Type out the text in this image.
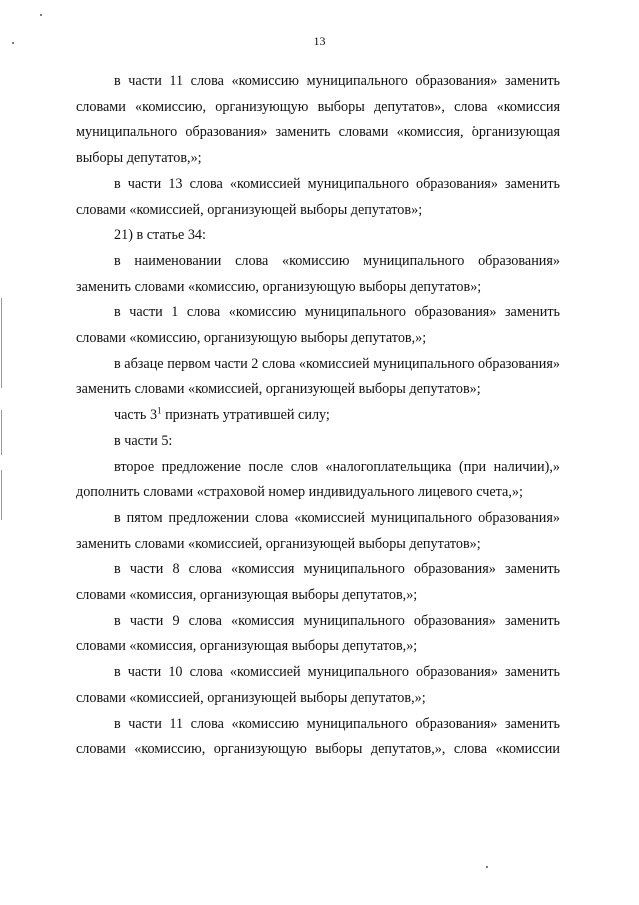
13

в части 11 слова «комиссию муниципального образования» заменить словами «комиссию, организующую выборы депутатов», слова «комиссия муниципального образования» заменить словами «комиссия, организующая выборы депутатов,»;

в части 13 слова «комиссией муниципального образования» заменить словами «комиссией, организующей выборы депутатов»;

21) в статье 34:

в наименовании слова «комиссию муниципального образования» заменить словами «комиссию, организующую выборы депутатов»;

в части 1 слова «комиссию муниципального образования» заменить словами «комиссию, организующую выборы депутатов,»;

в абзаце первом части 2 слова «комиссией муниципального образования» заменить словами «комиссией, организующей выборы депутатов»;

часть $3^1$ признать утратившей силу;

в части 5:

второе предложение после слов «налогоплательщика (при наличии),» дополнить словами «страховой номер индивидуального лицевого счета,»;

в пятом предложении слова «комиссией муниципального образования» заменить словами «комиссией, организующей выборы депутатов»;

в части 8 слова «комиссия муниципального образования» заменить словами «комиссия, организующая выборы депутатов,»;

в части 9 слова «комиссия муниципального образования» заменить словами «комиссия, организующая выборы депутатов,»;

в части 10 слова «комиссией муниципального образования» заменить словами «комиссией, организующей выборы депутатов,»;

в части 11 слова «комиссию муниципального образования» заменить словами «комиссию, организующую выборы депутатов,», слова «комиссии
